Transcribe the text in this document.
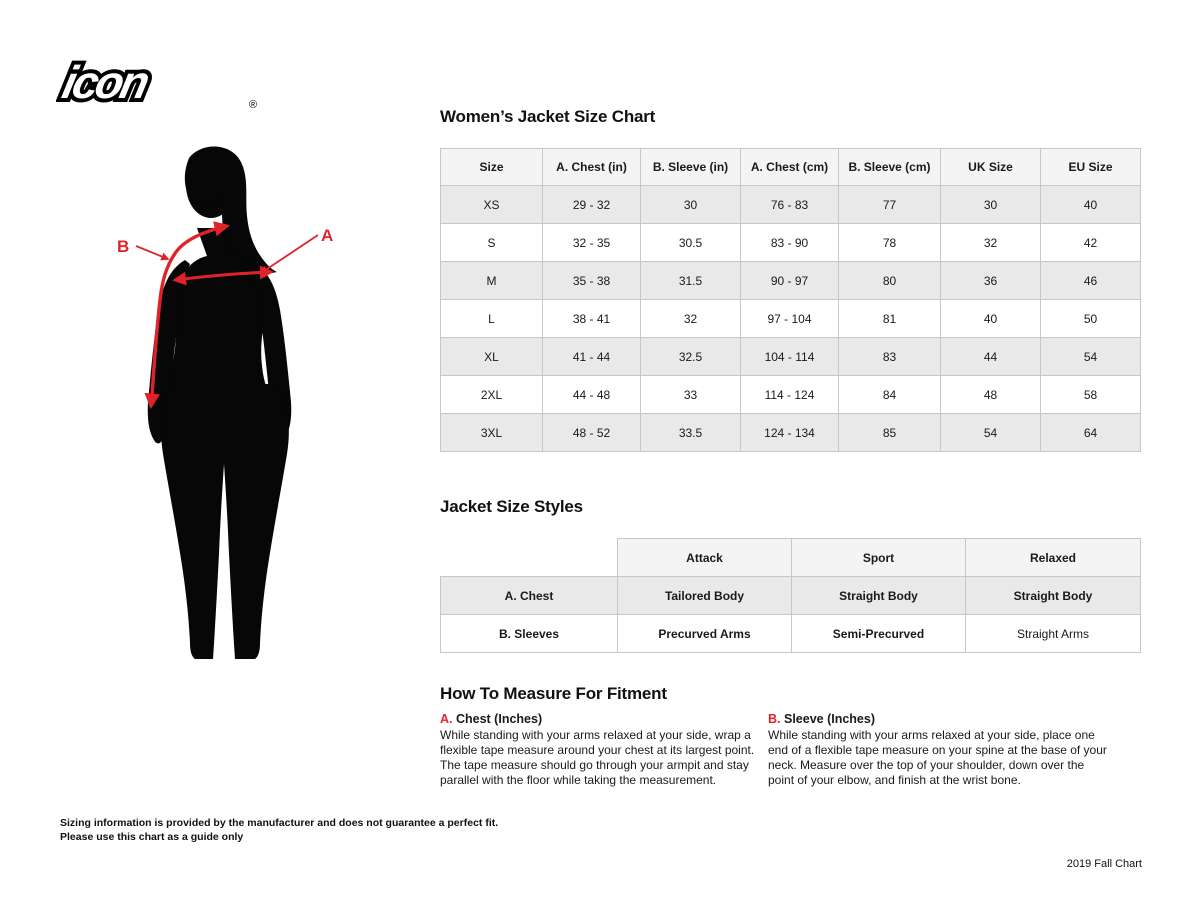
icon	®
A
B
Women’s Jacket Size Chart
Size	A. Chest (in)	B. Sleeve (in)	A. Chest (cm)	B. Sleeve (cm)	UK Size	EU Size
XS	29 - 32	30	76 - 83	77	30	40
S	32 - 35	30.5	83 - 90	78	32	42
M	35 - 38	31.5	90 - 97	80	36	46
L	38 - 41	32	97 - 104	81	40	50
XL	41 - 44	32.5	104 - 114	83	44	54
2XL	44 - 48	33	114 - 124	84	48	58
3XL	48 - 52	33.5	124 - 134	85	54	64
Jacket Size Styles
	Attack	Sport	Relaxed
A. Chest	Tailored Body	Straight Body	Straight Body
B. Sleeves	Precurved Arms	Semi-Precurved	Straight Arms
How To Measure For Fitment
A. Chest (Inches)
While standing with your arms relaxed at your side, wrap a flexible tape measure around your chest at its largest point. The tape measure should go through your armpit and stay parallel with the floor while taking the measurement.
B. Sleeve (Inches)
While standing with your arms relaxed at your side, place one end of a flexible tape measure on your spine at the base of your neck. Measure over the top of your shoulder, down over the point of your elbow, and finish at the wrist bone.
Sizing information is provided by the manufacturer and does not guarantee a perfect fit.
Please use this chart as a guide only
2019 Fall Chart
